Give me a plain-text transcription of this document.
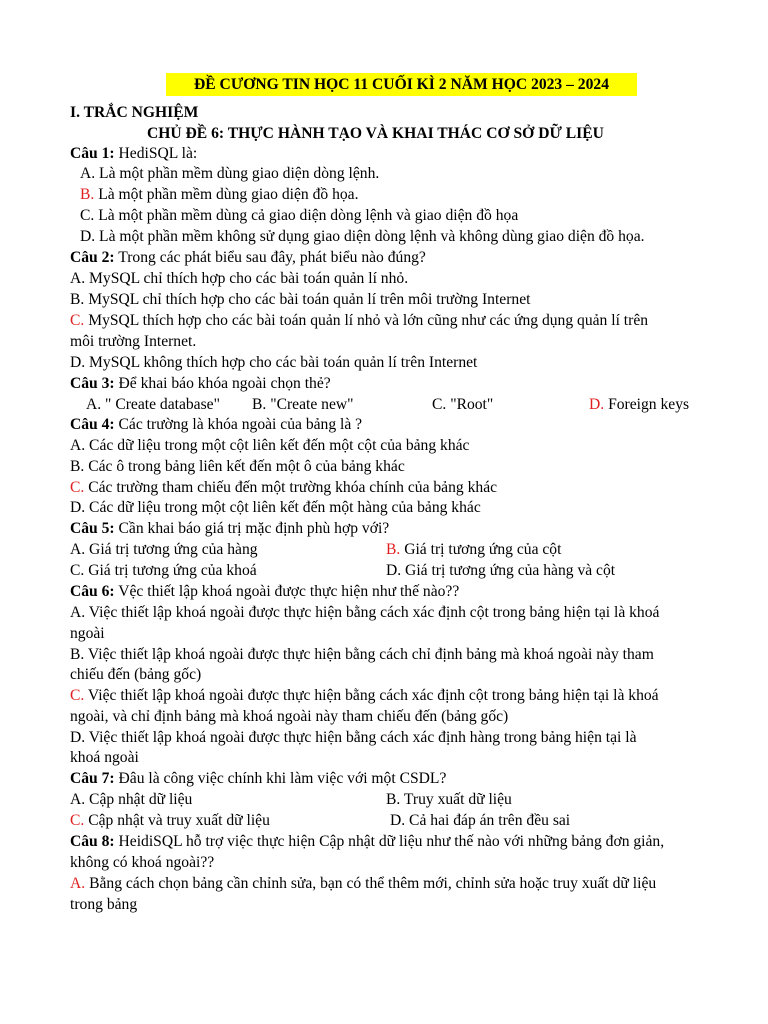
ĐỀ CƯƠNG TIN HỌC 11 CUỐI KÌ 2 NĂM HỌC 2023 – 2024
I. TRẮC NGHIỆM
CHỦ ĐỀ 6: THỰC HÀNH TẠO VÀ KHAI THÁC CƠ SỞ DỮ LIỆU
Câu 1: HediSQL là:
A. Là một phần mềm dùng giao diện dòng lệnh.
B. Là một phần mềm dùng giao diện đồ họa.
C. Là một phần mềm dùng cả giao diện dòng lệnh và giao diện đồ họa
D. Là một phần mềm không sử dụng giao diện dòng lệnh và không dùng giao diện đồ họa.
Câu 2: Trong các phát biểu sau đây, phát biểu nào đúng?
A. MySQL chỉ thích hợp cho các bài toán quản lí nhỏ.
B. MySQL chỉ thích hợp cho các bài toán quản lí trên môi trường Internet
C. MySQL thích hợp cho các bài toán quản lí nhỏ và lớn cũng như các ứng dụng quản lí trên
môi trường Internet.
D. MySQL không thích hợp cho các bài toán quản lí trên Internet
Câu 3: Để khai báo khóa ngoài chọn thẻ?
A. " Create database" B. "Create new"	C. "Root"	D. Foreign keys
Câu 4: Các trường là khóa ngoài của bảng là ?
A. Các dữ liệu trong một cột liên kết đến một cột của bảng khác
B. Các ô trong bảng liên kết đến một ô của bảng khác
C. Các trường tham chiếu đến một trường khóa chính của bảng khác
D. Các dữ liệu trong một cột liên kết đến một hàng của bảng khác
Câu 5: Cần khai báo giá trị mặc định phù hợp với?
A. Giá trị tương ứng của hàng	B. Giá trị tương ứng của cột
C. Giá trị tương ứng của khoá	D. Giá trị tương ứng của hàng và cột
Câu 6: Vệc thiết lập khoá ngoài được thực hiện như thế nào??
A. Việc thiết lập khoá ngoài được thực hiện bằng cách xác định cột trong bảng hiện tại là khoá
ngoài
B. Việc thiết lập khoá ngoài được thực hiện bằng cách chỉ định bảng mà khoá ngoài này tham
chiếu đến (bảng gốc)
C. Việc thiết lập khoá ngoài được thực hiện bằng cách xác định cột trong bảng hiện tại là khoá
ngoài, và chỉ định bảng mà khoá ngoài này tham chiếu đến (bảng gốc)
D. Việc thiết lập khoá ngoài được thực hiện bằng cách xác định hàng trong bảng hiện tại là
khoá ngoài
Câu 7: Đâu là công việc chính khi làm việc với một CSDL?
A. Cập nhật dữ liệu	B. Truy xuất dữ liệu
C. Cập nhật và truy xuất dữ liệu	D. Cả hai đáp án trên đều sai
Câu 8: HeidiSQL hỗ trợ việc thực hiện Cập nhật dữ liệu như thế nào với những bảng đơn giản,
không có khoá ngoài??
A. Bằng cách chọn bảng cần chỉnh sửa, bạn có thể thêm mới, chỉnh sửa hoặc truy xuất dữ liệu
trong bảng
